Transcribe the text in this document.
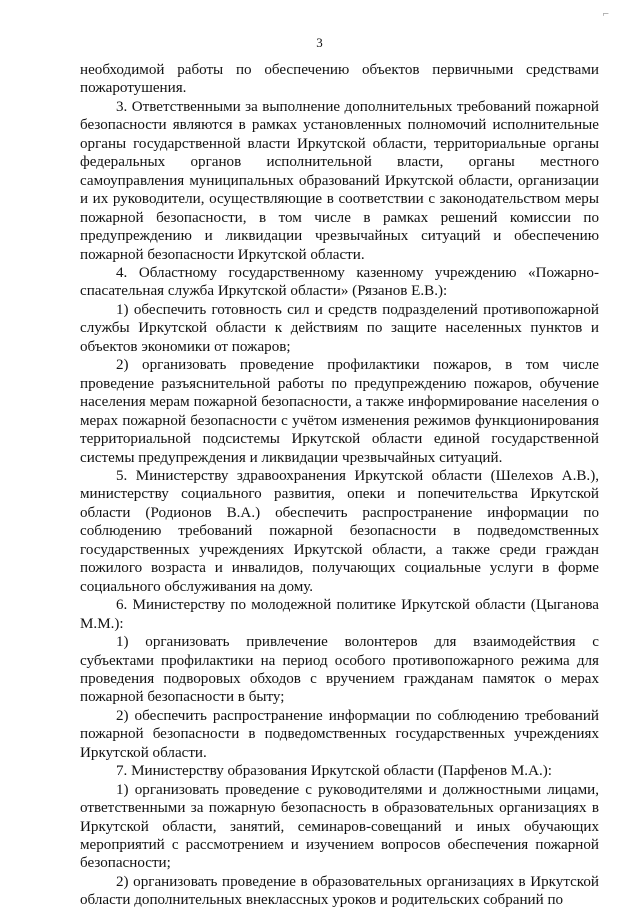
3
⌐

необходимой работы по обеспечению объектов первичными средствами пожаротушения.

3. Ответственными за выполнение дополнительных требований пожарной безопасности являются в рамках установленных полномочий исполнительные органы государственной власти Иркутской области, территориальные органы федеральных органов исполнительной власти, органы местного самоуправления муниципальных образований Иркутской области, организации и их руководители, осуществляющие в соответствии с законодательством меры пожарной безопасности, в том числе в рамках решений комиссии по предупреждению и ликвидации чрезвычайных ситуаций и обеспечению пожарной безопасности Иркутской области.

4. Областному государственному казенному учреждению «Пожарно-спасательная служба Иркутской области» (Рязанов Е.В.):

1) обеспечить готовность сил и средств подразделений противопожарной службы Иркутской области к действиям по защите населенных пунктов и объектов экономики от пожаров;

2) организовать проведение профилактики пожаров, в том числе проведение разъяснительной работы по предупреждению пожаров, обучение населения мерам пожарной безопасности, а также информирование населения о мерах пожарной безопасности с учётом изменения режимов функционирования территориальной подсистемы Иркутской области единой государственной системы предупреждения и ликвидации чрезвычайных ситуаций.

5. Министерству здравоохранения Иркутской области (Шелехов А.В.), министерству социального развития, опеки и попечительства Иркутской области (Родионов В.А.) обеспечить распространение информации по соблюдению требований пожарной безопасности в подведомственных государственных учреждениях Иркутской области, а также среди граждан пожилого возраста и инвалидов, получающих социальные услуги в форме социального обслуживания на дому.

6. Министерству по молодежной политике Иркутской области (Цыганова М.М.):

1) организовать привлечение волонтеров для взаимодействия с субъектами профилактики на период особого противопожарного режима для проведения подворовых обходов с вручением гражданам памяток о мерах пожарной безопасности в быту;

2) обеспечить распространение информации по соблюдению требований пожарной безопасности в подведомственных государственных учреждениях Иркутской области.

7. Министерству образования Иркутской области (Парфенов М.А.):

1) организовать проведение с руководителями и должностными лицами, ответственными за пожарную безопасность в образовательных организациях в Иркутской области, занятий, семинаров-совещаний и иных обучающих мероприятий с рассмотрением и изучением вопросов обеспечения пожарной безопасности;

2) организовать проведение в образовательных организациях в Иркутской области дополнительных внеклассных уроков и родительских собраний по
